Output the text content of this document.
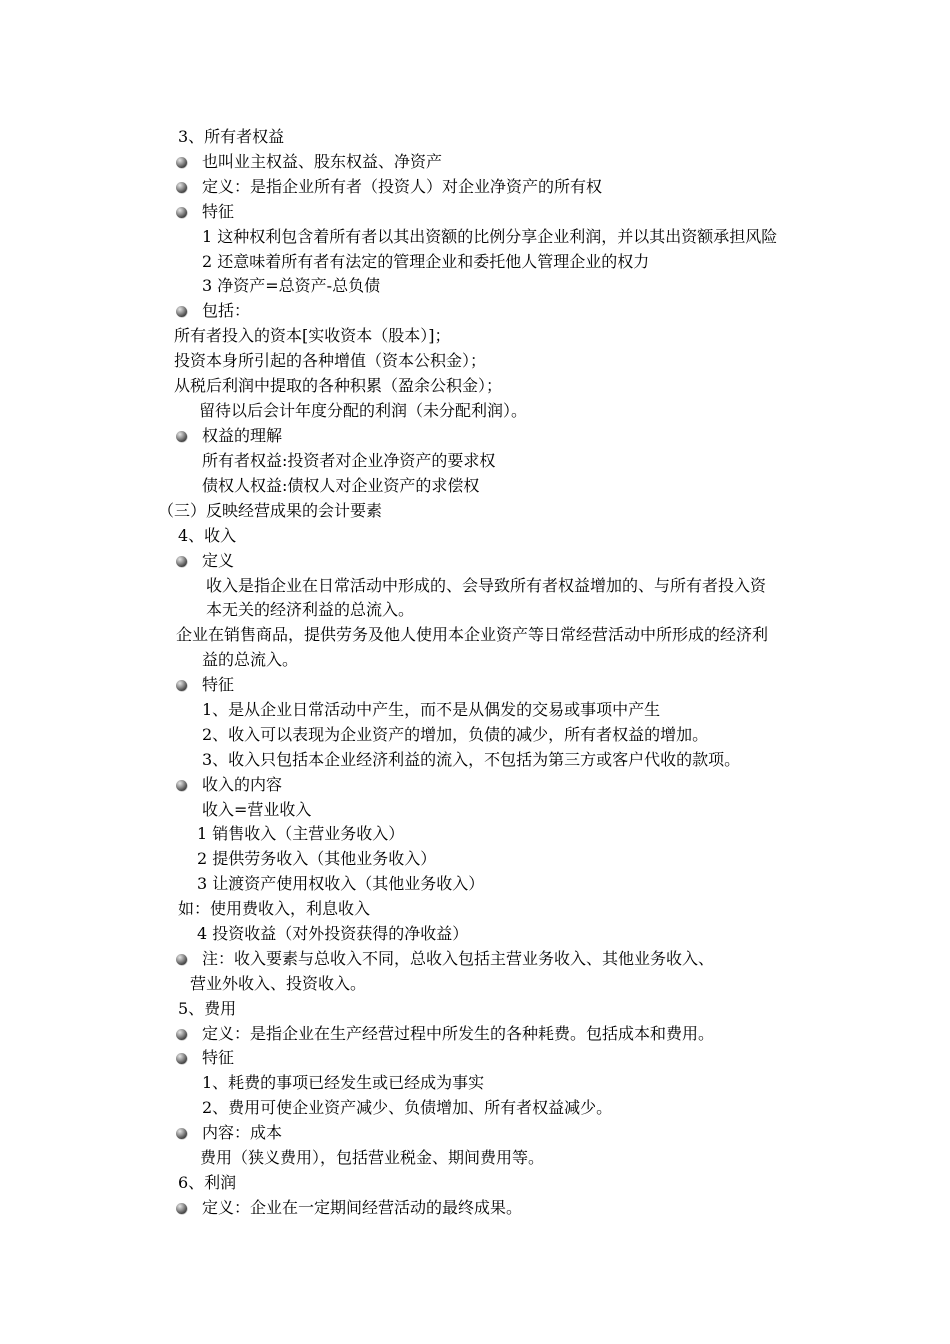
3、所有者权益
也叫业主权益、股东权益、净资产
定义：是指企业所有者（投资人）对企业净资产的所有权
特征
1 这种权利包含着所有者以其出资额的比例分享企业利润，并以其出资额承担风险
2 还意味着所有者有法定的管理企业和委托他人管理企业的权力
3 净资产=总资产-总负债
包括：
所有者投入的资本[实收资本（股本）]；
投资本身所引起的各种增值（资本公积金）；
从税后利润中提取的各种积累（盈余公积金）；
留待以后会计年度分配的利润（未分配利润）。
权益的理解
所有者权益:投资者对企业净资产的要求权
债权人权益:债权人对企业资产的求偿权
（三）反映经营成果的会计要素
4、收入
定义
收入是指企业在日常活动中形成的、会导致所有者权益增加的、与所有者投入资
本无关的经济利益的总流入。
企业在销售商品，提供劳务及他人使用本企业资产等日常经营活动中所形成的经济利
益的总流入。
特征
1、是从企业日常活动中产生，而不是从偶发的交易或事项中产生
2、收入可以表现为企业资产的增加，负债的减少，所有者权益的增加。
3、收入只包括本企业经济利益的流入，不包括为第三方或客户代收的款项。
收入的内容
收入=营业收入
1 销售收入（主营业务收入）
2 提供劳务收入（其他业务收入）
3 让渡资产使用权收入（其他业务收入）
如：使用费收入，利息收入
4 投资收益（对外投资获得的净收益）
注：收入要素与总收入不同，总收入包括主营业务收入、其他业务收入、
营业外收入、投资收入。
5、费用
定义：是指企业在生产经营过程中所发生的各种耗费。包括成本和费用。
特征
1、耗费的事项已经发生或已经成为事实
2、费用可使企业资产减少、负债增加、所有者权益减少。
内容：成本
费用（狭义费用），包括营业税金、期间费用等。
6、利润
定义：企业在一定期间经营活动的最终成果。
